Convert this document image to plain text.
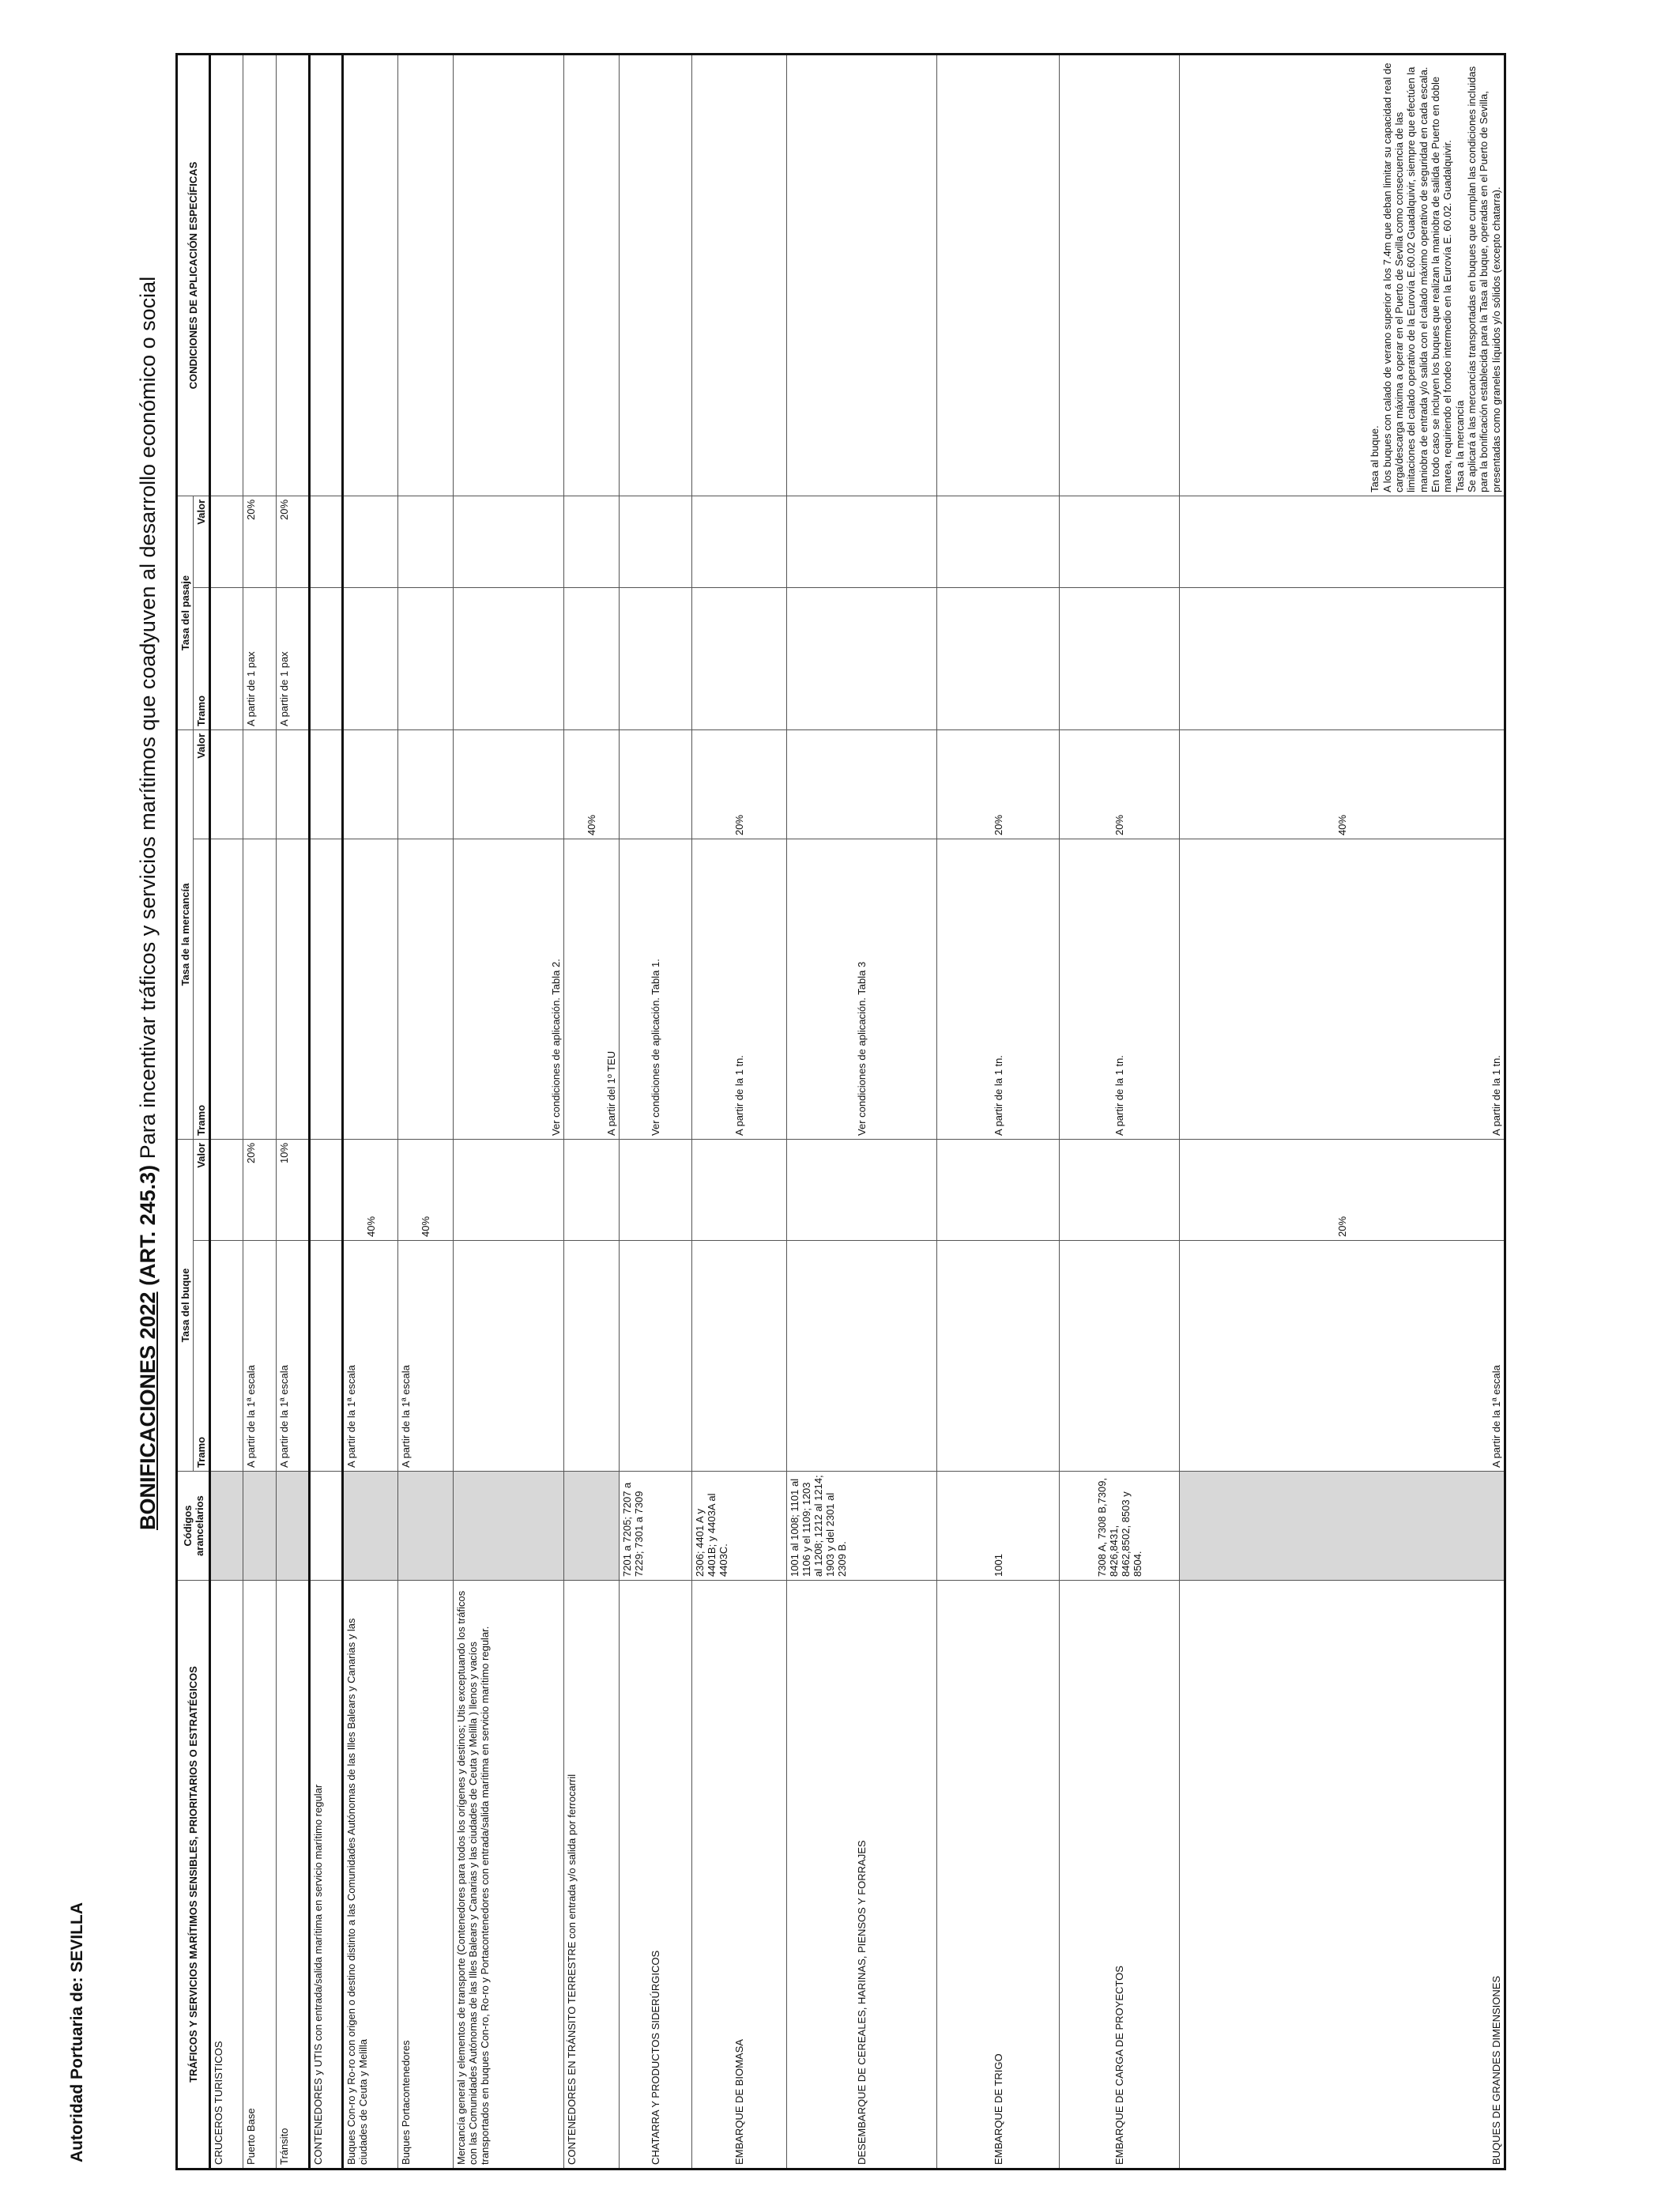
Autoridad Portuaria de: SEVILLA
BONIFICACIONES 2022 (ART. 245.3) Para incentivar tráficos y servicios marítimos que coadyuven al desarrollo económico o social
TRÁFICOS Y SERVICIOS MARÍTIMOS SENSIBLES, PRIORITARIOS O ESTRATÉGICOS	Códigos arancelarios	Tasa del buque		Tasa de la mercancía		Tasa del pasaje		CONDICIONES DE APLICACIÓN ESPECÍFICAS
		Tramo	Valor	Tramo	Valor	Tramo	Valor	
CRUCEROS TURISTICOS								
Puerto Base		A partir de la 1ª escala	20%			A partir de 1 pax	20%	
Tránsito		A partir de la 1ª escala	10%			A partir de 1 pax	20%	
CONTENEDORES y UTIS con entrada/salida marítima en servicio marítimo regular								
Buques Con-ro y Ro-ro con origen o destino distinto a las Comunidades Autónomas de las Illes Balears y Canarias y las ciudades de Ceuta y Melilla		A partir de la 1ª escala	40%					
Buques Portacontenedores		A partir de la 1ª escala	40%					
Mercancía general y elementos de transporte (Contenedores para todos los orígenes y destinos; Utis exceptuando los tráficos con las Comunidades Autónomas de las Illes Balears y Canarias y las ciudades de Ceuta y Melilla ) llenos y vacíos transportados en buques Con-ro, Ro-ro y Portacontenedores con entrada/salida marítima en servicio marítimo regular.				Ver condiciones de aplicación. Tabla 2.				
CONTENEDORES EN TRÁNSITO TERRESTRE con entrada y/o salida por ferrocarril				A partir del 1º TEU	40%			
CHATARRA Y PRODUCTOS SIDERÚRGICOS	7201 a 7205; 7207 a 7229; 7301 a 7309			Ver condiciones de aplicación. Tabla 1.				
EMBARQUE DE BIOMASA	2306; 4401 A y 4401B; y 4403A al 4403C.			A partir de la 1 tn.	20%			
DESEMBARQUE DE CEREALES, HARINAS, PIENSOS Y FORRAJES	1001 al 1008; 1101 al 1106 y el 1109; 1203 al 1208; 1212 al 1214; 1903 y del 2301 al 2309 B.			Ver condiciones de aplicación. Tabla 3				
EMBARQUE DE TRIGO	1001			A partir de la 1 tn.	20%			
EMBARQUE DE CARGA DE PROYECTOS	7308 A, 7308 B,7309, 8426,8431, 8462,8502, 8503 y 8504.			A partir de la 1 tn.	20%			
BUQUES DE GRANDES DIMENSIONES		A partir de la 1ª escala	20%	A partir de la 1 tn.	40%			Tasa al buque.
A los buques con calado de verano superior a los 7.4m que deban limitar su capacidad real de carga/descarga máxima a operar en el Puerto de Sevilla como consecuencia de las limitaciones del calado operativo de la Eurovía E.60.02 Guadalquivir, siempre que efectúen la maniobra de entrada y/o salida con el calado máximo operativo de seguridad en cada escala. En todo caso se incluyen los buques que realizan la maniobra de salida de Puerto en doble marea, requiriendo el fondeo intermedio en la Eurovía E. 60.02. Guadalquivir.
Tasa a la mercancía
Se aplicará a las mercancías transportadas en buques que cumplan las condiciones incluidas para la bonificación establecida para la Tasa al buque, operadas en el Puerto de Sevilla, presentadas como graneles líquidos y/o sólidos (excepto chatarra).
